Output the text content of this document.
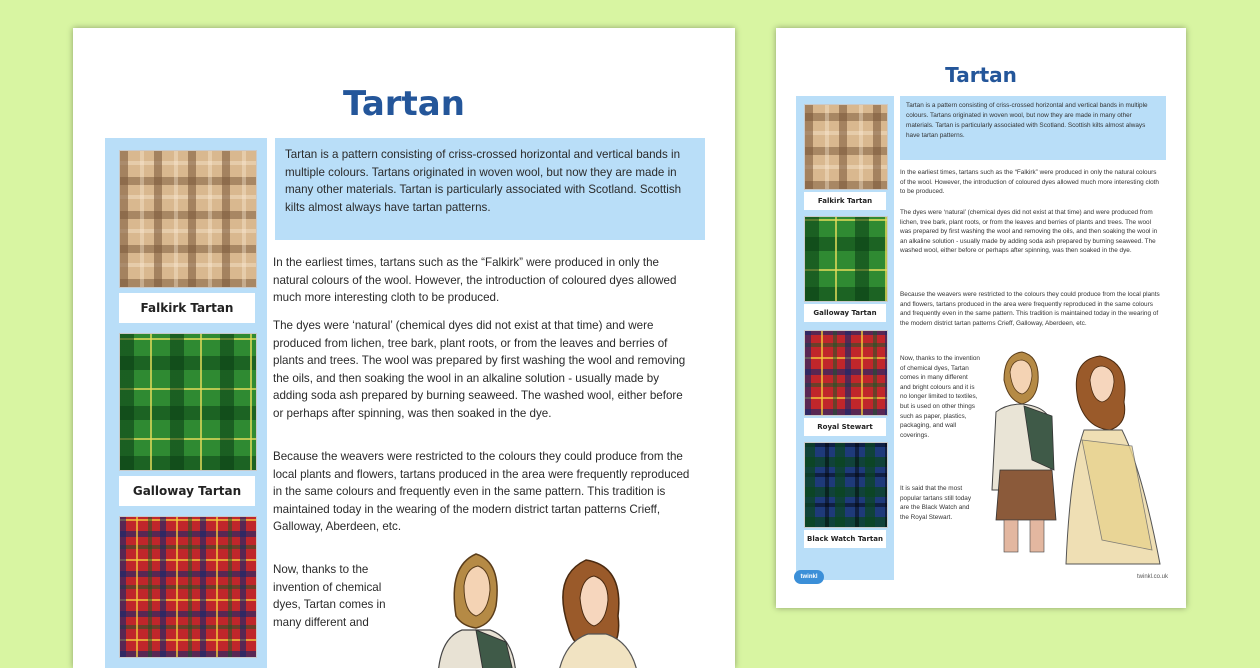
Tartan
Falkirk Tartan
Galloway Tartan
Tartan is a pattern consisting of criss-crossed horizontal and vertical bands in multiple colours. Tartans originated in woven wool, but now they are made in many other materials. Tartan is particularly associated with Scotland. Scottish kilts almost always have tartan patterns.

In the earliest times, tartans such as the “Falkirk” were produced in only the natural colours of the wool. However, the introduction of coloured dyes allowed much more interesting cloth to be produced.

The dyes were ‘natural’ (chemical dyes did not exist at that time) and were produced from lichen, tree bark, plant roots, or from the leaves and berries of plants and trees. The wool was prepared by first washing the wool and removing the oils, and then soaking the wool in an alkaline solution - usually made by adding soda ash prepared by burning seaweed. The washed wool, either before or perhaps after spinning, was then soaked in the dye.

Because the weavers were restricted to the colours they could produce from the local plants and flowers, tartans produced in the area were frequently reproduced in the same colours and frequently even in the same pattern. This tradition is maintained today in the wearing of the modern district tartan patterns Crieff, Galloway, Aberdeen, etc.

Now, thanks to the invention of chemical dyes, Tartan comes in many different and

Tartan
Falkirk Tartan
Galloway Tartan
Royal Stewart
Black Watch Tartan
Tartan is a pattern consisting of criss-crossed horizontal and vertical bands in multiple colours. Tartans originated in woven wool, but now they are made in many other materials. Tartan is particularly associated with Scotland. Scottish kilts almost always have tartan patterns.

In the earliest times, tartans such as the “Falkirk” were produced in only the natural colours of the wool. However, the introduction of coloured dyes allowed much more interesting cloth to be produced.

The dyes were ‘natural’ (chemical dyes did not exist at that time) and were produced from lichen, tree bark, plant roots, or from the leaves and berries of plants and trees. The wool was prepared by first washing the wool and removing the oils, and then soaking the wool in an alkaline solution - usually made by adding soda ash prepared by burning seaweed. The washed wool, either before or perhaps after spinning, was then soaked in the dye.

Because the weavers were restricted to the colours they could produce from the local plants and flowers, tartans produced in the area were frequently reproduced in the same colours and frequently even in the same pattern. This tradition is maintained today in the wearing of the modern district tartan patterns Crieff, Galloway, Aberdeen, etc.

Now, thanks to the invention of chemical dyes, Tartan comes in many different and bright colours and it is no longer limited to textiles, but is used on other things such as paper, plastics, packaging, and wall coverings.

It is said that the most popular tartans still today are the Black Watch and the Royal Stewart.

twinkl	twinkl.co.uk
